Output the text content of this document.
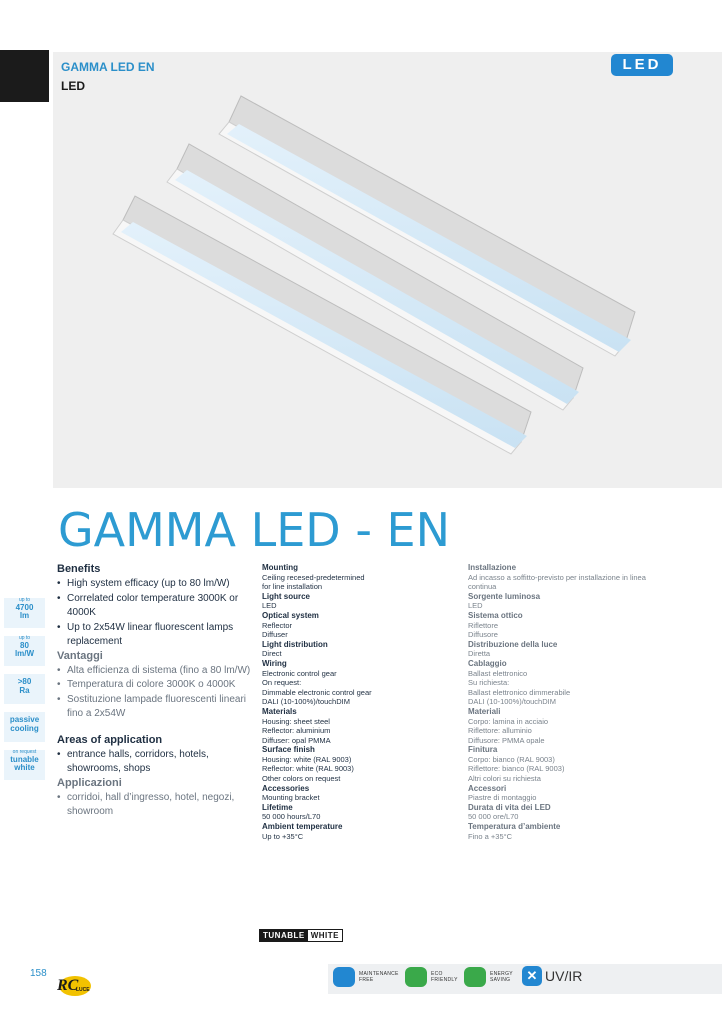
GAMMA LED EN
LED
LED
GAMMA LED - EN
up to
4700
lm
up to
80
lm/W
>80
Ra
passive
cooling
on request
tunable
white
Benefits
• High system efficacy (up to 80 lm/W)
• Correlated color temperature 3000K or 4000K
• Up to 2x54W linear fluorescent lamps replacement
Vantaggi
• Alta efficienza di sistema (fino a 80 lm/W)
• Temperatura di colore 3000K o 4000K
• Sostituzione lampade fluorescenti lineari fino a 2x54W
Areas of application
• entrance halls, corridors, hotels, showrooms, shops
Applicazioni
• corridoi, hall d’ingresso, hotel, negozi, showroom
Mounting
Ceiling recesed-predetermined
for line installation
Light source
LED
Optical system
Reflector
Diffuser
Light distribution
Direct
Wiring
Electronic control gear
On request:
Dimmable electronic control gear
DALI (10-100%)/touchDIM
Materials
Housing: sheet steel
Reflector: aluminium
Diffuser: opal PMMA
Surface finish
Housing: white (RAL 9003)
Reflector: white (RAL 9003)
Other colors on request
Accessories
Mounting bracket
Lifetime
50 000 hours/L70
Ambient temperature
Up to +35°C
Installazione
Ad incasso a soffitto-previsto per installazione in linea
continua
Sorgente luminosa
LED
Sistema ottico
Riflettore
Diffusore
Distribuzione della luce
Diretta
Cablaggio
Ballast elettronico
Su richiesta:
Ballast elettronico dimmerabile
DALI (10-100%)/touchDIM
Materiali
Corpo: lamina in acciaio
Riflettore: alluminio
Diffusore: PMMA opale
Finitura
Corpo: bianco (RAL 9003)
Riflettore: bianco (RAL 9003)
Altri colori su richiesta
Accessori
Piastre di montaggio
Durata di vita dei LED
50 000 ore/L70
Temperatura d’ambiente
Fino a +35°C
TUNABLE WHITE
158
RC
LUCE
MAINTENANCE
FREE
ECO
FRIENDLY
ENERGY
SAVING	✕ UV/IR
